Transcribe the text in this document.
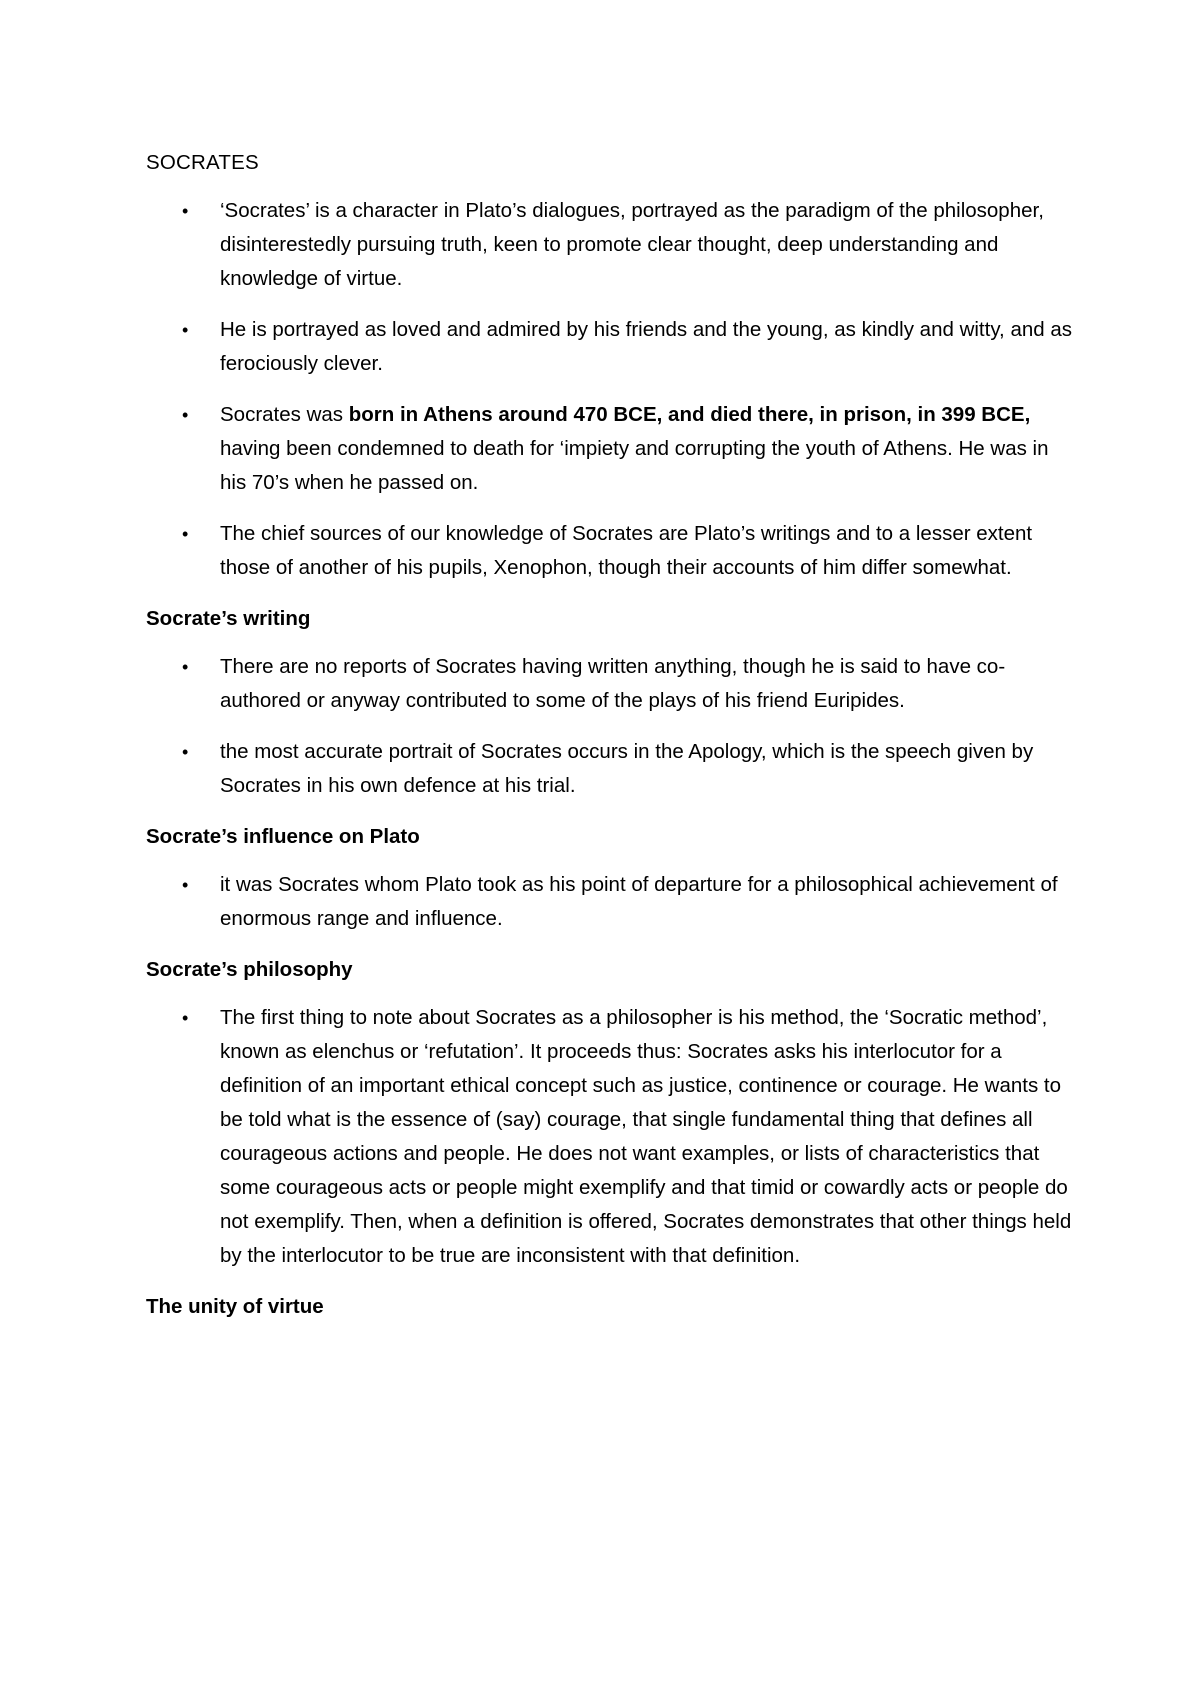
SOCRATES

•	‘Socrates’ is a character in Plato’s dialogues, portrayed as the paradigm of the philosopher, disinterestedly pursuing truth, keen to promote clear thought, deep understanding and knowledge of virtue.
•	He is portrayed as loved and admired by his friends and the young, as kindly and witty, and as ferociously clever.
•	Socrates was born in Athens around 470 BCE, and died there, in prison, in 399 BCE, having been condemned to death for ‘impiety and corrupting the youth of Athens. He was in his 70’s when he passed on.
•	The chief sources of our knowledge of Socrates are Plato’s writings and to a lesser extent those of another of his pupils, Xenophon, though their accounts of him differ somewhat.

Socrate’s writing

•	There are no reports of Socrates having written anything, though he is said to have co-authored or anyway contributed to some of the plays of his friend Euripides.
•	the most accurate portrait of Socrates occurs in the Apology, which is the speech given by Socrates in his own defence at his trial.

Socrate’s influence on Plato

•	it was Socrates whom Plato took as his point of departure for a philosophical achievement of enormous range and influence.

Socrate’s philosophy

•	The first thing to note about Socrates as a philosopher is his method, the ‘Socratic method’, known as elenchus or ‘refutation’. It proceeds thus: Socrates asks his interlocutor for a definition of an important ethical concept such as justice, continence or courage. He wants to be told what is the essence of (say) courage, that single fundamental thing that defines all courageous actions and people. He does not want examples, or lists of characteristics that some courageous acts or people might exemplify and that timid or cowardly acts or people do not exemplify. Then, when a definition is offered, Socrates demonstrates that other things held by the interlocutor to be true are inconsistent with that definition.

The unity of virtue
